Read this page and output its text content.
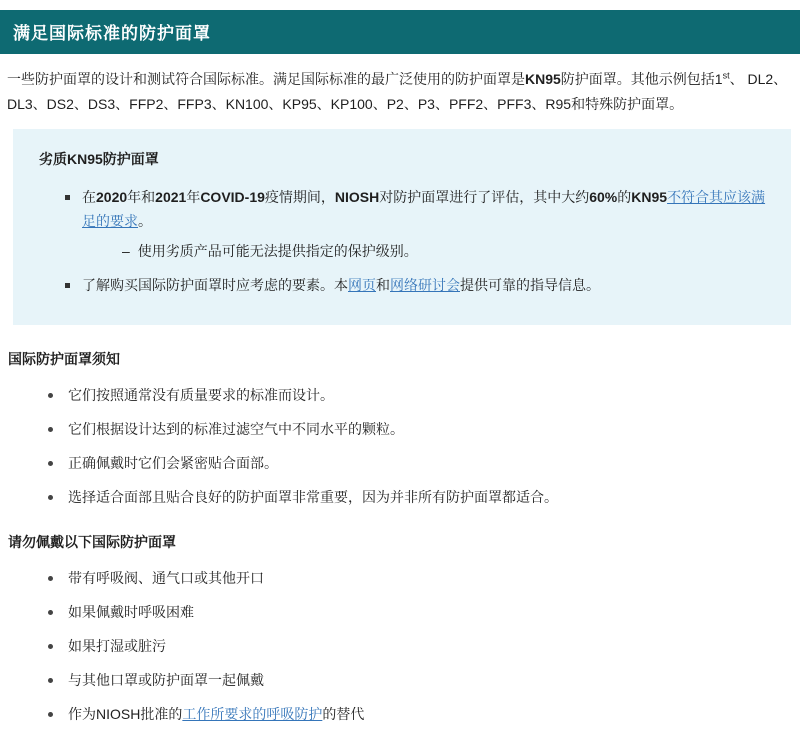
满足国际标准的防护面罩

一些防护面罩的设计和测试符合国际标准。满足国际标准的最广泛使用的防护面罩是KN95防护面罩。其他示例包括1st、 DL2、DL3、DS2、DS3、FFP2、FFP3、KN100、KP95、KP100、P2、P3、PFF2、PFF3、R95和特殊防护面罩。

劣质KN95防护面罩
在2020年和2021年COVID-19疫情期间，NIOSH对防护面罩进行了评估，其中大约60%的KN95不符合其应该满足的要求。
– 使用劣质产品可能无法提供指定的保护级别。
了解购买国际防护面罩时应考虑的要素。本网页和网络研讨会提供可靠的指导信息。
国际防护面罩须知
它们按照通常没有质量要求的标准而设计。
它们根据设计达到的标准过滤空气中不同水平的颗粒。
正确佩戴时它们会紧密贴合面部。
选择适合面部且贴合良好的防护面罩非常重要，因为并非所有防护面罩都适合。
请勿佩戴以下国际防护面罩
带有呼吸阀、通气口或其他开口
如果佩戴时呼吸困难
如果打湿或脏污
与其他口罩或防护面罩一起佩戴
作为NIOSH批准的工作所要求的呼吸防护的替代
